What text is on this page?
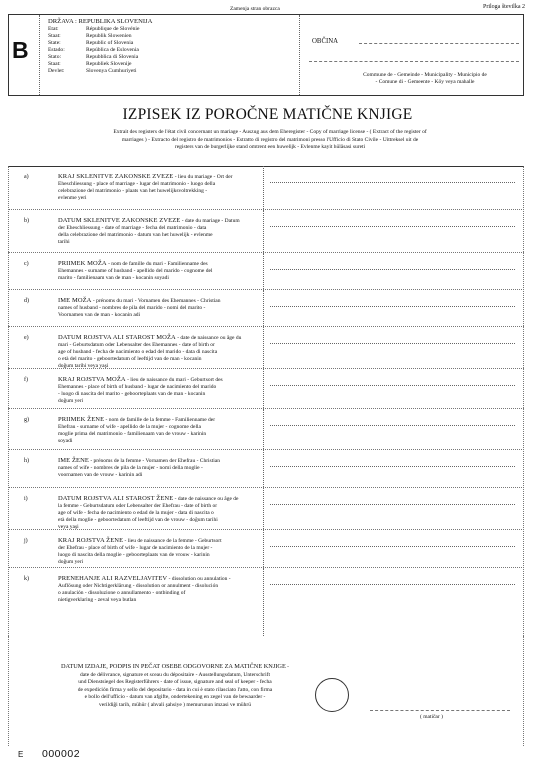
Zamenja stran obrazca	Priloga številka 2
B
DRŽAVA : REPUBLIKA SLOVENIJA
Etat:	République de Slovénie
Staat:	Republik Slowenien
State:	Republic of Slovenia
Estado:	República de Eslovenia
Stato:	Repubblica di Slovenia
Staat:	Republiek Slovenije
Devlet:	Slovenya Cumhuriyeti
OBČINA
Commune de - Gemeinde - Municipality - Municipio de
- Comune di - Gemeente - Köy veya mahalle
IZPISEK IZ POROČNE MATIČNE KNJIGE
Extrait des registers de l'état civil concernant un mariage - Auszug aus dem Eheregister - Copy of marriage license - ( Extract of the register of
marriages ) - Extracto del registro de matrimonios - Estratto di registro del matrimoni presso l'Ufficio di Stato Civile - Uittreksel uit de
registers van de burgerlijke stand omtrent een huwelijk - Evlenme kayit hülâsasi sureti
a)	KRAJ SKLENITVE ZAKONSKE ZVEZE - lieu du mariage - Ort der
Eheschliessung - place of marriage - lugar del matrimonio - luogo della
celebrazione del matrimonio - plaats van het huwelijksvoltrekking -
evlenme yeri
b)	DATUM SKLENITVE ZAKONSKE ZVEZE - date du mariage - Datum
der Eheschliessung - date of marriage - fecha del matrimonio - data
della celebrazione del matrimonio - datum van het huwelijk - evlenme
tarihi
c)	PRIIMEK MOŽA - nom de famille du mari - Familienname des
Ehemannes - surname of husband - apellido del marido - cognome del
marito - familienaam van de man - kocanin soyadi
d)	IME MOŽA - prénoms du mari - Vornamen des Ehemannes - Christian
names of husband - nombres de pila del marido - nomi del marito -
Voornamen van de man - kocanin adi
e)	DATUM ROJSTVA ALI STAROST MOŽA - date de naissance ou âge du
mari - Geburtsdatum oder Lebensalter des Ehemannes - date of birth or
age of husband - fecha de nacimiento o edad del marido - data di nascita
o età del marito - geboortedatum of leeftijd van de man - kocanin
doğum tarihi veya yaşi
f)	KRAJ ROJSTVA MOŽA - lieu de naissance du mari - Geburtsort des
Ehemannes - place of birth of husband - lugar de nacimiento del marido
- luogo di nascita del marito - geboorteplaats van de man - kocanin
doğum yeri
g)	PRIIMEK ŽENE - nom de famille de la femme - Familienname der
Ehefrau - surname of wife - apellido de la mujer - cognome della
moglie prima del matrimonio - familienaam van de vrouw - karinin
soyadi
h)	IME ŽENE - prénoms de la femme - Vornamen der Ehefrau - Christian
names of wife - nombres de pila de la mujer - nomi della moglie -
voornamen van de vrouw - karinin adi
i)	DATUM ROJSTVA ALI STAROST ŽENE - date de naissance ou âge de
la femme - Geburtsdatum oder Lebensalter der Ehefrau - date of birth or
age of wife - fecha de nacimiento o edad de la mujer - data di nascita o
età della moglie - geboortedatum of leeftijd van de vrouw - doğum tarihi
veya yaşi
j)	KRAJ ROJSTVA ŽENE - lieu de naissance de la femme - Geburtsort
der Ehefrau - place of birth of wife - lugar de nacimiento de la mujer -
luogo di nascita della moglie - geboorteplaats van de vrouw - karinin
doğum yeri
k)	PRENEHANJE ALI RAZVELJAVITEV - dissolution ou annulation -
Auflösung oder Nichtigerklärung - dissolution or annulment - disolución
o anulación - dissoluzione o annullamento - ontbinding of
nietigverklaring - zeval veya butlan
DATUM IZDAJE, PODPIS IN PEČAT OSEBE ODGOVORNE ZA MATIČNE KNJIGE -
date de délivrance, signature et sceau du dépositaire - Ausstellungsdatum, Unterschrift
und Dienstsiegel des Registerführers - date of issue, signature and seal of keeper - fecha
de expedición firma y sello del depositario - data in cui è stato rilasciato l'atto, con firma
e bollo dell'ufficio - datum van afgifte, ondertekening en zegel van de bewaarder -
verildiği tarih, mühür ( ahvali şahsiye ) memurunun imzasi ve mührü
( matičar )
E 000002
